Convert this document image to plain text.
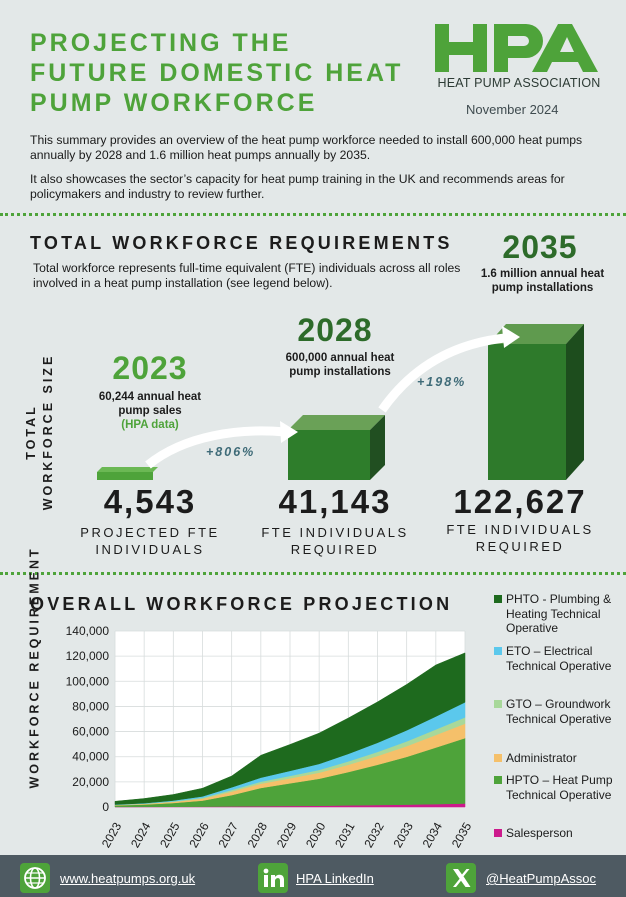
PROJECTING THE
FUTURE DOMESTIC HEAT
PUMP WORKFORCE
HPA
HEAT PUMP ASSOCIATION
November 2024
This summary provides an overview of the heat pump workforce needed to install 600,000 heat pumps annually by 2028 and 1.6 million heat pumps annually by 2035.
It also showcases the sector’s capacity for heat pump training in the UK and recommends areas for policymakers and industry to review further.
TOTAL WORKFORCE REQUIREMENTS
Total workforce represents full-time equivalent (FTE) individuals across all roles involved in a heat pump installation (see legend below).
TOTAL WORKFORCE SIZE	2023
60,244 annual heat pump sales
(HPA data)
2028
600,000 annual heat pump installations
2035
1.6 million annual heat pump installations
+806%
+198%
4,543
PROJECTED FTE
INDIVIDUALS
41,143
FTE INDIVIDUALS
REQUIRED
122,627
FTE INDIVIDUALS
REQUIRED
OVERALL WORKFORCE PROJECTION
WORKFORCE REQUIREMENT
0
20,000
40,000
60,000
80,000
100,000
120,000
140,000
2023 2024 2025 2026 2027 2028 2029 2030 2031 2032 2033 2034 2035
PHTO - Plumbing & Heating Technical Operative
ETO – Electrical Technical Operative
GTO – Groundwork Technical Operative
Administrator
HPTO – Heat Pump Technical Operative
Salesperson
www.heatpumps.org.uk	HPA LinkedIn	@HeatPumpAssoc
